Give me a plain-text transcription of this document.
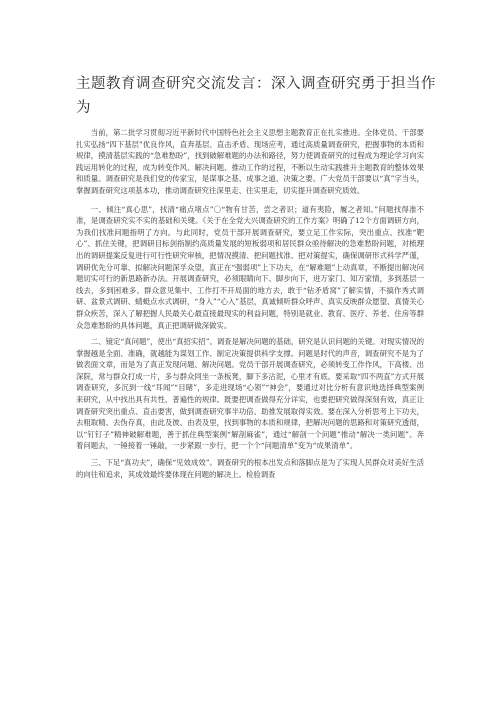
主题教育调查研究交流发言：深入调查研究勇于担当作为

当前，第二批学习贯彻习近平新时代中国特色社会主义思想主题教育正在扎实推进。全体党员、干部要扎实弘扬“四下基层”优良作风，直奔基层、直击矛盾、现场应考，通过高质量调查研究，把握事物的本质和规律，摸清基层实践的“急难愁盼”，找到破解难题的办法和路径，努力使调查研究的过程成为理论学习向实践运用转化的过程，成为转变作风、解决问题、推动工作的过程，不断以生动实践推升主题教育的整体效果和质量。调查研究是我们党的传家宝，是谋事之基、成事之道、决策之要。广大党员干部要以“真”字当头，掌握调查研究这项基本功，推动调查研究往深里走、往实里走，切实提升调查研究质效。

一、倾注“真心思”，找清“痛点堵点”〇“物有甘苦，尝之者识；道有夷险，履之者知。”问题找得准不准，是调查研究实不实的基础和关键。《关于在全党大兴调查研究的工作方案》明确了12个方面调研方向，为我们找准问题指明了方向。与此同时，党员干部开展调查研究，要立足工作实际，突出重点、找准“靶心”、抓住关键，把调研目标剑指制约高质量发展的短板弱项和居民群众亟待解决的急难愁盼问题，对梳理出的调研提案反复进行可行性研究审核，把情况摸清、把问题找准、把对策提实，确保调研形式科学严谨，调研优先分可靠、拟解决问题深孚众望，真正在“强弱项”上下功夫，在“解难题”上动真章，不断提出解决问题切实可行的新思路新办法。开展调查研究，必须眼睛向下、脚步向下，进万家门、知万家情，多到基层一线去，多到困难多、群众意见集中、工作打不开局面的地方去，敢于“钻矛盾窝”了解实情，不搞作秀式调研、盆景式调研、蜻蜓点水式调研，“身入”“心入”基层，真诚倾听群众呼声、真实反映群众愿望、真情关心群众疾苦，深入了解把握人民最关心最直接最现实的利益问题，特别是就业、教育、医疗、养老、住房等群众急难愁盼的具体问题，真正把调研做深做实。

二、镜定“真问题”，使出“真招实招”。调查是解决问题的基础，研究是认识问题的关键。对现实情况的掌握越是全面、准确，就越能为谋划工作、制定决策提供科学支撑。问题是时代的声音，调查研究不是为了做表面文章，而是为了真正发现问题、解决问题。党员干部开展调查研究，必须转变工作作风，下高楼、出深院，常与群众打成一片，多与群众同坐一条板凳，脚下多沾泥，心里才有底。要采取“四不两直”方式开展调查研究，多沉到一线“耳闻”“目睹”，多走进现场“心领”“神会”，要通过对比分析有意识地选择典型案例来研究，从中找出具有共性、普遍性的规律。既要把调查做得充分详实，也要把研究做得深刻有效，真正让调查研究突出重点、直击要害，做到调查研究事半功倍、助推发展取得实效。要在深入分析思考上下功夫，去粗取精、去伪存真，由此及彼、由表及里，找到事物的本质和规律，把解决问题的思路和对策研究透彻，以“钉钉子”精神破解难题，善于抓住典型案例“解剖麻雀”，通过“解剖一个问题”推动“解决一类问题”。奔着问题去，一锤接着一锤敲，一步紧跟一步行，把一个个“问题清单”变为“成果清单”。

三、下足“真功夫”，确保“见效成效”。调查研究的根本出发点和落脚点是为了实现人民群众对美好生活的向往和追求，其成效最终要体现在问题的解决上。检验调查
